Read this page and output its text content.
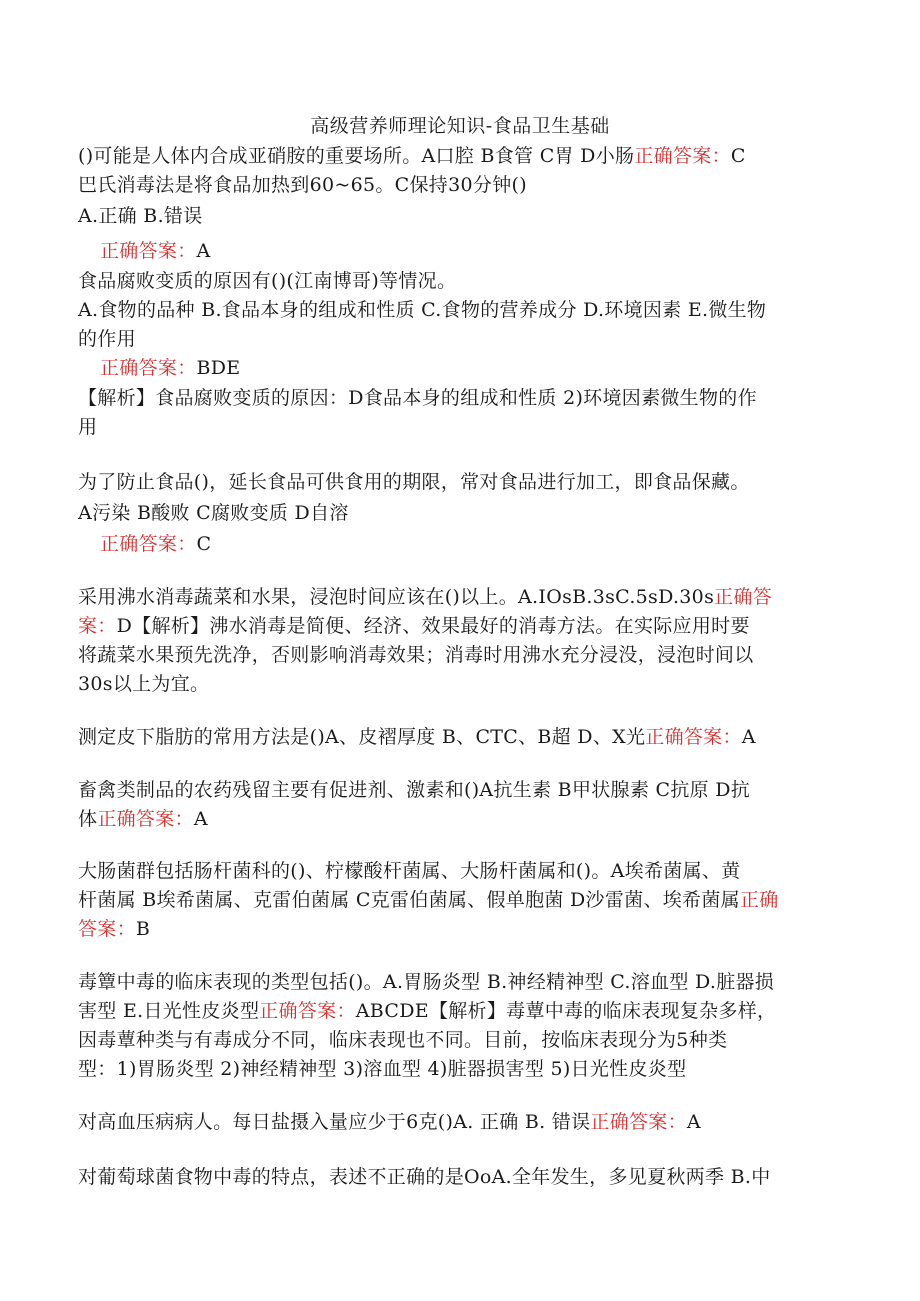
高级营养师理论知识-食品卫生基础
()可能是人体内合成亚硝胺的重要场所。A口腔 B食管 C胃 D小肠正确答案：C
巴氏消毒法是将食品加热到60~65。C保持30分钟()
A.正确 B.错误
正确答案：A
食品腐败变质的原因有()(江南博哥)等情况。
A.食物的品种 B.食品本身的组成和性质 C.食物的营养成分 D.环境因素 E.微生物
的作用
正确答案：BDE
【解析】食品腐败变质的原因：D食品本身的组成和性质 2)环境因素微生物的作
用
为了防止食品()，延长食品可供食用的期限，常对食品进行加工，即食品保藏。
A污染 B酸败 C腐败变质 D自溶
正确答案：C
采用沸水消毒蔬菜和水果，浸泡时间应该在()以上。A.IOsB.3sC.5sD.30s正确答
案：D【解析】沸水消毒是简便、经济、效果最好的消毒方法。在实际应用时要
将蔬菜水果预先洗净，否则影响消毒效果；消毒时用沸水充分浸没，浸泡时间以
30s以上为宜。
测定皮下脂肪的常用方法是()A、皮褶厚度 B、CTC、B超 D、X光正确答案：A
畜禽类制品的农药残留主要有促进剂、激素和()A抗生素 B甲状腺素 C抗原 D抗
体正确答案：A
大肠菌群包括肠杆菌科的()、柠檬酸杆菌属、大肠杆菌属和()。A埃希菌属、黄
杆菌属 B埃希菌属、克雷伯菌属 C克雷伯菌属、假单胞菌 D沙雷菌、埃希菌属正确
答案：B
毒簟中毒的临床表现的类型包括()。A.胃肠炎型 B.神经精神型 C.溶血型 D.脏器损
害型 E.日光性皮炎型正确答案：ABCDE【解析】毒蕈中毒的临床表现复杂多样，
因毒蕈种类与有毒成分不同，临床表现也不同。目前，按临床表现分为5种类
型：1)胃肠炎型 2)神经精神型 3)溶血型 4)脏器损害型 5)日光性皮炎型
对高血压病病人。每日盐摄入量应少于6克()A. 正确 B. 错误正确答案：A
对葡萄球菌食物中毒的特点，表述不正确的是OoA.全年发生，多见夏秋两季 B.中
